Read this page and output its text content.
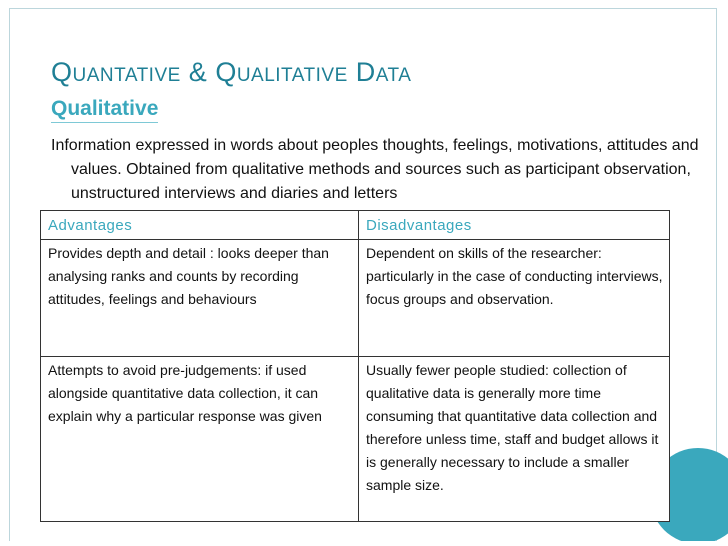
Quantative & Qualitative Data
Qualitative

Information expressed in words about peoples thoughts, feelings, motivations, attitudes and values. Obtained from qualitative methods and sources such as participant observation, unstructured interviews and diaries and letters

Advantages	Disadvantages
Provides depth and detail : looks deeper than analysing ranks and counts by recording attitudes, feelings and behaviours	Dependent on skills of the researcher: particularly in the case of conducting interviews, focus groups and observation.
Attempts to avoid pre-judgements: if used alongside quantitative data collection, it can explain why a particular response was given	Usually fewer people studied: collection of qualitative data is generally more time consuming that quantitative data collection and therefore unless time, staff and budget allows it is generally necessary to include a smaller sample size.
